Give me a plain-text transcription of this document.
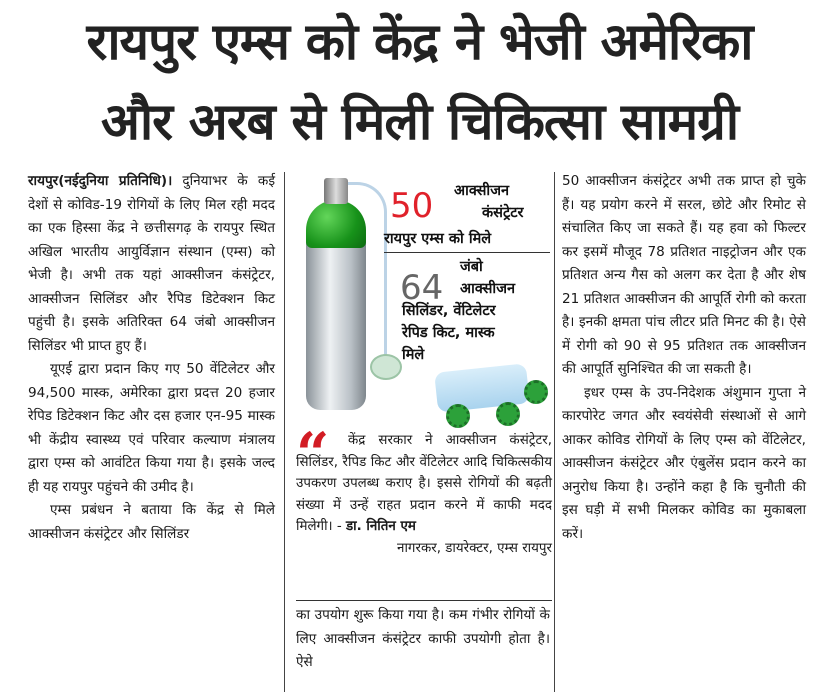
रायपुर एम्स को केंद्र ने भेजी अमेरिका
और अरब से मिली चिकित्सा सामग्री

रायपुर(नईदुनिया प्रतिनिधि)। दुनियाभर के कई देशों से कोविड-19 रोगियों के लिए मिल रही मदद का एक हिस्सा केंद्र ने छत्तीसगढ़ के रायपुर स्थित अखिल भारतीय आयुर्विज्ञान संस्थान (एम्स) को भेजी है। अभी तक यहां आक्सीजन कंसंट्रेटर, आक्सीजन सिलिंडर और रैपिड डिटेक्शन किट पहुंची है। इसके अतिरिक्त 64 जंबो आक्सीजन सिलिंडर भी प्राप्त हुए हैं।

यूएई द्वारा प्रदान किए गए 50 वेंटिलेटर और 94,500 मास्क, अमेरिका द्वारा प्रदत्त 20 हजार रेपिड डिटेक्शन किट और दस हजार एन-95 मास्क भी केंद्रीय स्वास्थ्य एवं परिवार कल्याण मंत्रालय द्वारा एम्स को आवंटित किया गया है। इसके जल्द ही यह रायपुर पहुंचने की उमीद है।

एम्स प्रबंधन ने बताया कि केंद्र से मिले आक्सीजन कंसंट्रेटर और सिलिंडर

50 आक्सीजन
कंसंट्रेटर
रायपुर एम्स को मिले
64
जंबो
आक्सीजन
सिलिंडर, वेंटिलेटर
रेपिड किट, मास्क
मिले
“	केंद्र सरकार ने आक्सीजन कंसंट्रेटर, सिलिंडर, रैपिड किट और वेंटिलेटर आदि चिकित्सकीय उपकरण उपलब्ध कराए है। इससे रोगियों की बढ़ती संख्या में उन्हें राहत प्रदान करने में काफी मदद मिलेगी। - डा. नितिन एम

नागरकर, डायरेक्टर, एम्स रायपुर

का उपयोग शुरू किया गया है। कम गंभीर रोगियों के लिए आक्सीजन कंसंट्रेटर काफी उपयोगी होता है। ऐसे

50 आक्सीजन कंसंट्रेटर अभी तक प्राप्त हो चुके हैं। यह प्रयोग करने में सरल, छोटे और रिमोट से संचालित किए जा सकते हैं। यह हवा को फिल्टर कर इसमें मौजूद 78 प्रतिशत नाइट्रोजन और एक प्रतिशत अन्य गैस को अलग कर देता है और शेष 21 प्रतिशत आक्सीजन की आपूर्ति रोगी को करता है। इनकी क्षमता पांच लीटर प्रति मिनट की है। ऐसे में रोगी को 90 से 95 प्रतिशत तक आक्सीजन की आपूर्ति सुनिश्चित की जा सकती है।

इधर एम्स के उप-निदेशक अंशुमान गुप्ता ने कारपोरेट जगत और स्वयंसेवी संस्थाओं से आगे आकर कोविड रोगियों के लिए एम्स को वेंटिलेटर, आक्सीजन कंसंट्रेटर और एंबुलेंस प्रदान करने का अनुरोध किया है। उन्होंने कहा है कि चुनौती की इस घड़ी में सभी मिलकर कोविड का मुकाबला करें।
